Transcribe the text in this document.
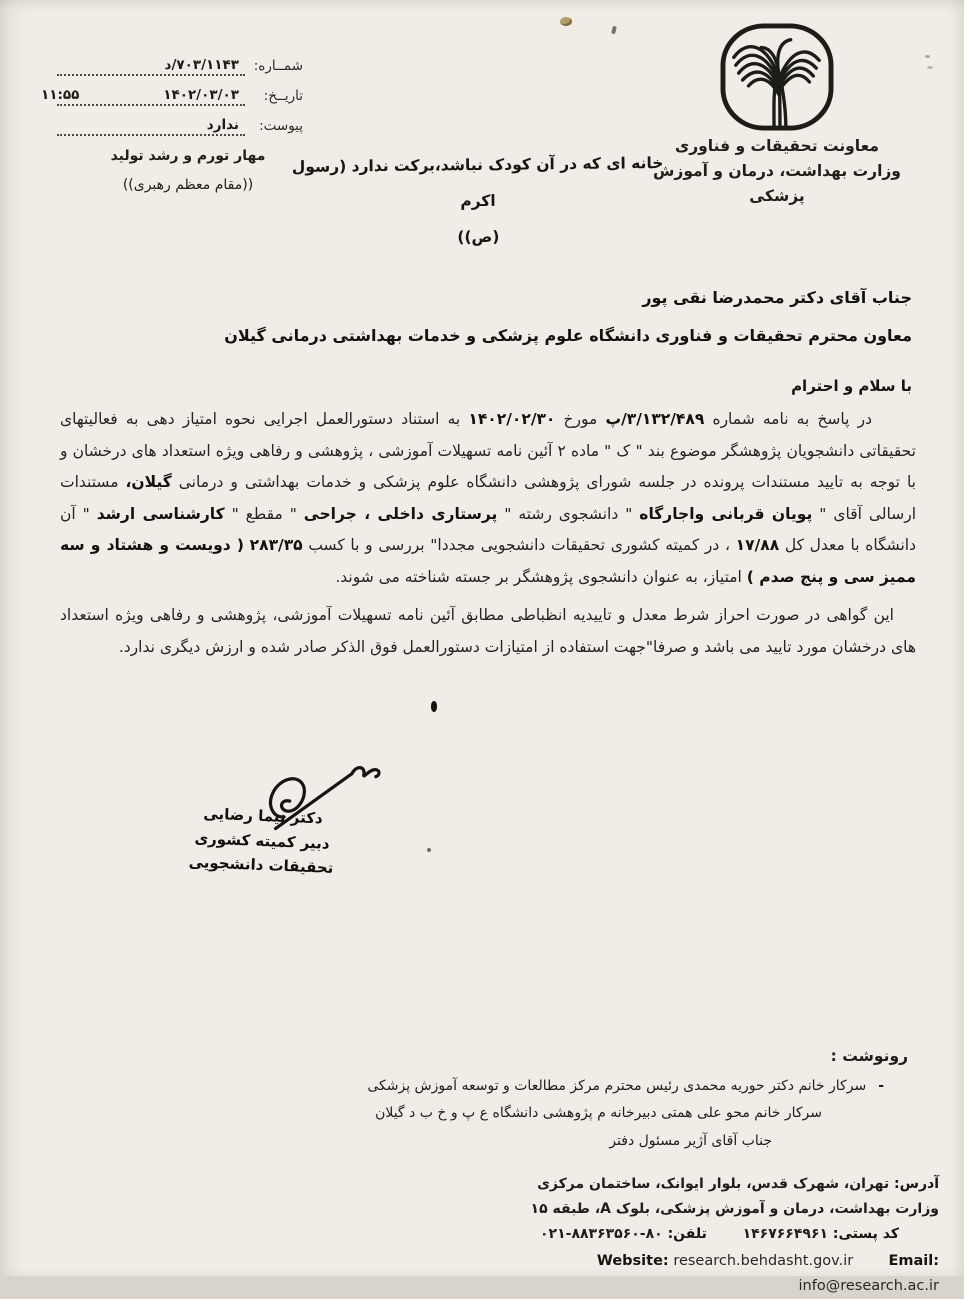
شمــاره:
۷۰۳/۱۱۴۳/د
تاریــخ:
۱۴۰۲/۰۳/۰۳
۱۱:۵۵
پیوست:
ندارد
مهار تورم و رشد تولید
((مقام معظم رهبری))
معاونت تحقیقات و فناوری
وزارت بهداشت، درمان و آموزش پزشکی
خانه ای که در آن کودک نباشد،برکت ندارد (رسول اکرم
(ص))
جناب آقای دکتر محمدرضا نقی پور
معاون محترم تحقیقات و فناوری دانشگاه علوم پزشکی و خدمات بهداشتی درمانی گیلان
با سلام و احترام

در پاسخ به نامه شماره ۳/۱۳۲/۴۸۹/پ مورخ ۱۴۰۲/۰۲/۳۰ به استناد دستورالعمل اجرایی نحوه امتیاز دهی به فعالیتهای تحقیقاتی دانشجویان پژوهشگر موضوع بند " ک " ماده ۲ آئین نامه تسهیلات آموزشی ، پژوهشی و رفاهی ویژه استعداد های درخشان و با توجه به تایید مستندات پرونده در جلسه شورای پژوهشی دانشگاه علوم پزشکی و خدمات بهداشتی و درمانی گیلان، مستندات ارسالی آقای " پویان قربانی واجارگاه " دانشجوی رشته " پرستاری داخلی ، جراحی " مقطع " کارشناسی ارشد " آن دانشگاه با معدل کل ۱۷/۸۸ ، در کمیته کشوری تحقیقات دانشجویی مجددا" بررسی و با کسب ۲۸۳/۳۵ ( دویست و هشتاد و سه ممیز سی و پنج صدم ) امتیاز، به عنوان دانشجوی پژوهشگر بر جسته شناخته می شوند.

این گواهی در صورت احراز شرط معدل و تاییدیه انظباطی مطابق آئین نامه تسهیلات آموزشی، پژوهشی و رفاهی ویژه استعداد های درخشان مورد تایید می باشد و صرفا"جهت استفاده از امتیازات دستورالعمل فوق الذکر صادر شده و ارزش دیگری ندارد.

دکتر نیما رضایی
دبیر کمیته کشوری
تحقیقات دانشجویی
رونوشت :
-سرکار خانم دکتر حوریه محمدی رئیس محترم مرکز مطالعات و توسعه آموزش پزشکی
سرکار خانم محو علی همتی دبیرخانه م پژوهشی دانشگاه ع پ و خ ب د گیلان
جناب آقای آژیر مسئول دفتر
آدرس: تهران، شهرک قدس، بلوار ایوانک، ساختمان مرکزی
وزارت بهداشت، درمان و آموزش پزشکی، بلوک A، طبقه ۱۵
کد پستی: ۱۴۶۷۶۶۴۹۶۱  تلفن: ۸۰-۸۸۳۶۳۵۶۰-۰۲۱
Website: research.behdasht.gov.ir Email: info@research.ac.ir
